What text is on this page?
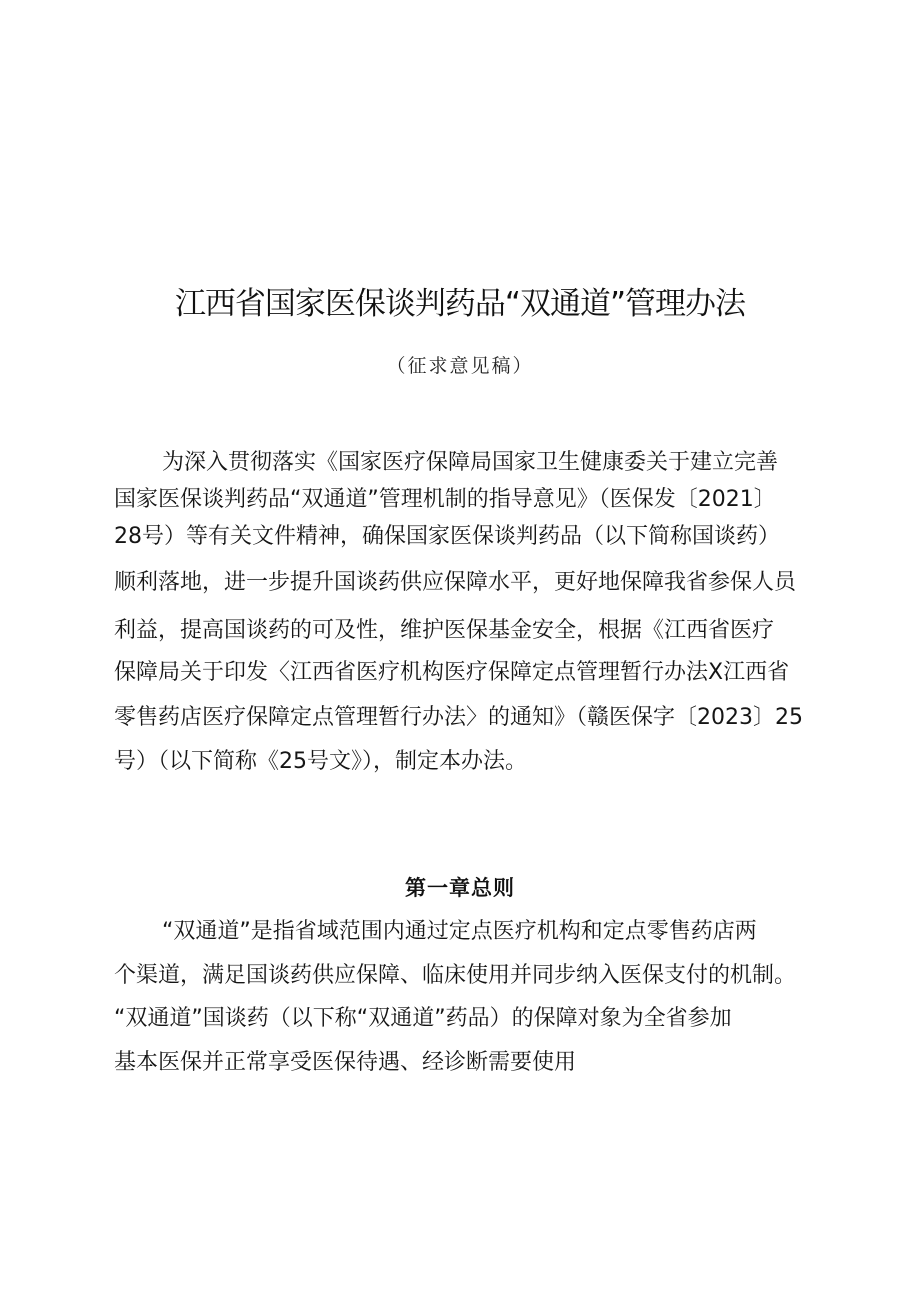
江西省国家医保谈判药品“双通道”管理办法
（征求意见稿）
为深入贯彻落实《国家医疗保障局国家卫生健康委关于建立完善
国家医保谈判药品“双通道”管理机制的指导意见》（医保发〔2021〕
28号）等有关文件精神，确保国家医保谈判药品（以下简称国谈药）
顺利落地，进一步提升国谈药供应保障水平，更好地保障我省参保人员
利益，提高国谈药的可及性，维护医保基金安全，根据《江西省医疗
保障局关于印发〈江西省医疗机构医疗保障定点管理暂行办法X江西省
零售药店医疗保障定点管理暂行办法〉的通知》（赣医保字〔2023〕25
号）（以下简称《25号文》），制定本办法。
第一章总则
“双通道”是指省域范围内通过定点医疗机构和定点零售药店两
个渠道，满足国谈药供应保障、临床使用并同步纳入医保支付的机制。
“双通道”国谈药（以下称“双通道”药品）的保障对象为全省参加
基本医保并正常享受医保待遇、经诊断需要使用
